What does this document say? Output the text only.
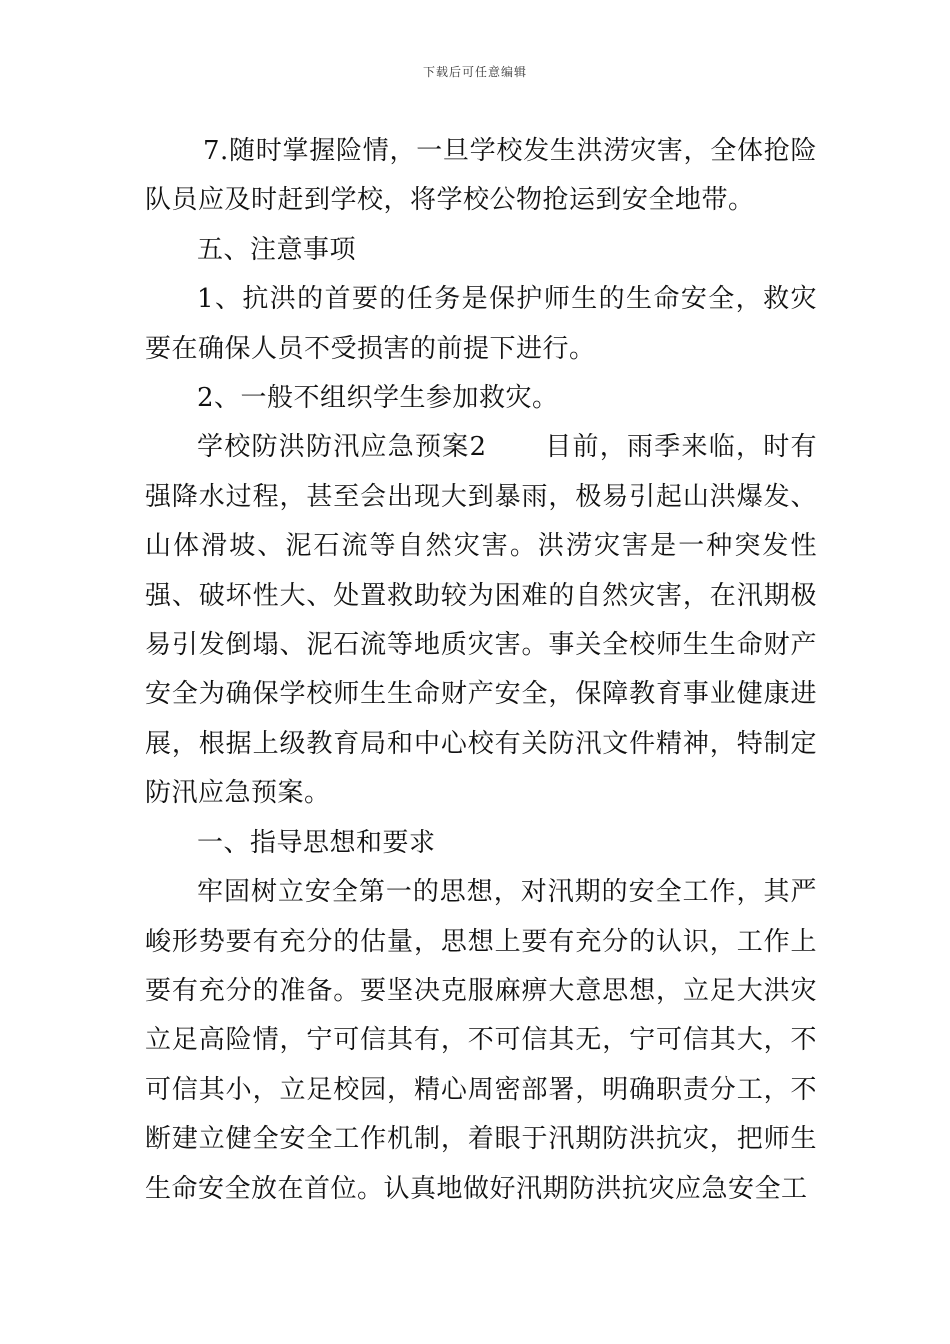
下载后可任意编辑

7.随时掌握险情，一旦学校发生洪涝灾害，全体抢险队员应及时赶到学校，将学校公物抢运到安全地带。

五、注意事项

1、抗洪的首要的任务是保护师生的生命安全，救灾要在确保人员不受损害的前提下进行。

2、一般不组织学生参加救灾。

学校防洪防汛应急预案2 目前，雨季来临，时有强降水过程，甚至会出现大到暴雨，极易引起山洪爆发、山体滑坡、泥石流等自然灾害。洪涝灾害是一种突发性强、破坏性大、处置救助较为困难的自然灾害，在汛期极易引发倒塌、泥石流等地质灾害。事关全校师生生命财产安全为确保学校师生生命财产安全，保障教育事业健康进展，根据上级教育局和中心校有关防汛文件精神，特制定防汛应急预案。

一、指导思想和要求

牢固树立安全第一的思想，对汛期的安全工作，其严峻形势要有充分的估量，思想上要有充分的认识，工作上要有充分的准备。要坚决克服麻痹大意思想，立足大洪灾立足高险情，宁可信其有，不可信其无，宁可信其大，不可信其小，立足校园，精心周密部署，明确职责分工，不断建立健全安全工作机制，着眼于汛期防洪抗灾，把师生生命安全放在首位。认真地做好汛期防洪抗灾应急安全工
